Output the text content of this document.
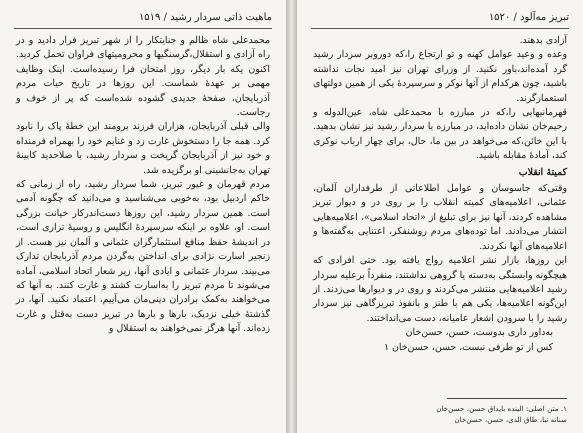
ماهیت ذاتی سردار رشید / ۱۵۱۹

محمدعلی شاه ظالم و جنایتکار را از شهر تبریز فرار دادید و در راه آزادی و استقلال،گرسنگیها و محرومیتهای فراوان تحمل کردید. اکنون یکه بار دیگر، روز امتحان فرا رسیده‌است. اینک وظایف مهمی بر عهدهٔ شماست. این روزها در تاریخ حیات مردم آذربایجان، صفحهٔ جدیدی گشوده شده‌است که پر از خوف و رجاست.

والی قبلی آذربایجان، هزاران فرزند برومند این خطهٔ پاک را نابود کرد. همه جا را دستخوش غارت زد و غنایم خود را بهمراه فرمنداه و خود نیز از آذربایجان گریخت و سردار رشید، با صلاحدید کابینهٔ تهران به‌جانشینی او برگزیده شد.

مردم قهرمان و غیور تبریز، شما سردار رشید، راه از زمانی که حاکم اردبیل بود، به‌خوبی می‌شناسید و می‌دانید که چگونه آدمی است. همین سردار رشید، این روزها دست‌اندرکار خیانت بزرگی است. او، علاوه بر اینکه سرسپردهٔ انگلیس و روسیهٔ تزاری است، در اندیشهٔ حفظ منافع استثمارگران عثمانی و آلمان نیز هست. از زنجیر اسارت نژادی برای انداختن به‌گردن مردم آذربایجان تدارک می‌بیند. سردار عثمانی و ایادی آنها، زیر شعار اتحاد اسلامی، آماده می‌شوند تا مردم تبریز را به‌اسارت کشند و غارت کنند. به آنها که می‌خواهند به‌کمک برادران دینی‌مان می‌آییم، اعتماد نکنید. آنها، در گذشتهٔ خیلی نزدیک، بارها و بارها در تبریز دست به‌قتل و غارت زده‌اند. آنها هرگز نمی‌خواهند به استقلال و

تبریز مه‌آلود / ۱۵۲۰

آزادی بدهند.

وعده و وعید عوامل کهنه و تو ارتجاع را،که دوروبر سردار رشید گرد آمده‌اند،باور نکنید. از وزرای تهران نیز امید نجات نداشته باشید، چون هرکدام از آنها نوکر و سرسپردهٔ یکی از همین دولتهای استعمارگرند.

قهرمانیهایی را،که در مبارزه با محمدعلی شاه، عین‌الدوله و رحیم‌خان نشان داده‌اید، در مبارزه با سردار رشید نیز نشان بدهید. با این خائن،که می‌خواهد در بین ما، حال، برای چهار ارباب نوکری کند، آمادهٔ مقابله باشید.

کمیتهٔ انقلاب

وقتی‌که جاسوسان و عوامل اطلاعاتی از طرفداران آلمان، عثمانی، اعلامیه‌های کمیته انقلاب را بر روی در و دیوار تبریز مشاهده کردند، آنها نیز برای تبلیغ از «اتحاد اسلامی»، اعلامیه‌هایی انتشار می‌دادند. اما توده‌های مردم روشنفکر، اعتنایی به‌گفته‌ها و اعلامیه‌های آنها نکردند.

این روزها، بازار نشر اعلامیه رواج یافته بود. حتی افرادی که هیچگونه وابستگی به‌دسته یا گروهی نداشتند، منفرداً برعلیه سردار رشید اعلامیه‌هایی منتشر می‌کردند و روی در و دیوارها می‌زدند. از این‌گونه اعلامیه‌ها، یکی هم با طنز و بانفوذ تبریزگاهی نیز سردار رشید را با سرودن اشعار عامیانه، دست می‌انداختند.

به‌داور داری بدوست، حسن، حسن‌خان

کس از تو طرفی نبست، حسن، حسن‌خان ۱

۱. متن اصلی: الینده بایداق حسن، حسن‌خان

سنانه تبا، طاق الدی، حسن، حسن‌خان
